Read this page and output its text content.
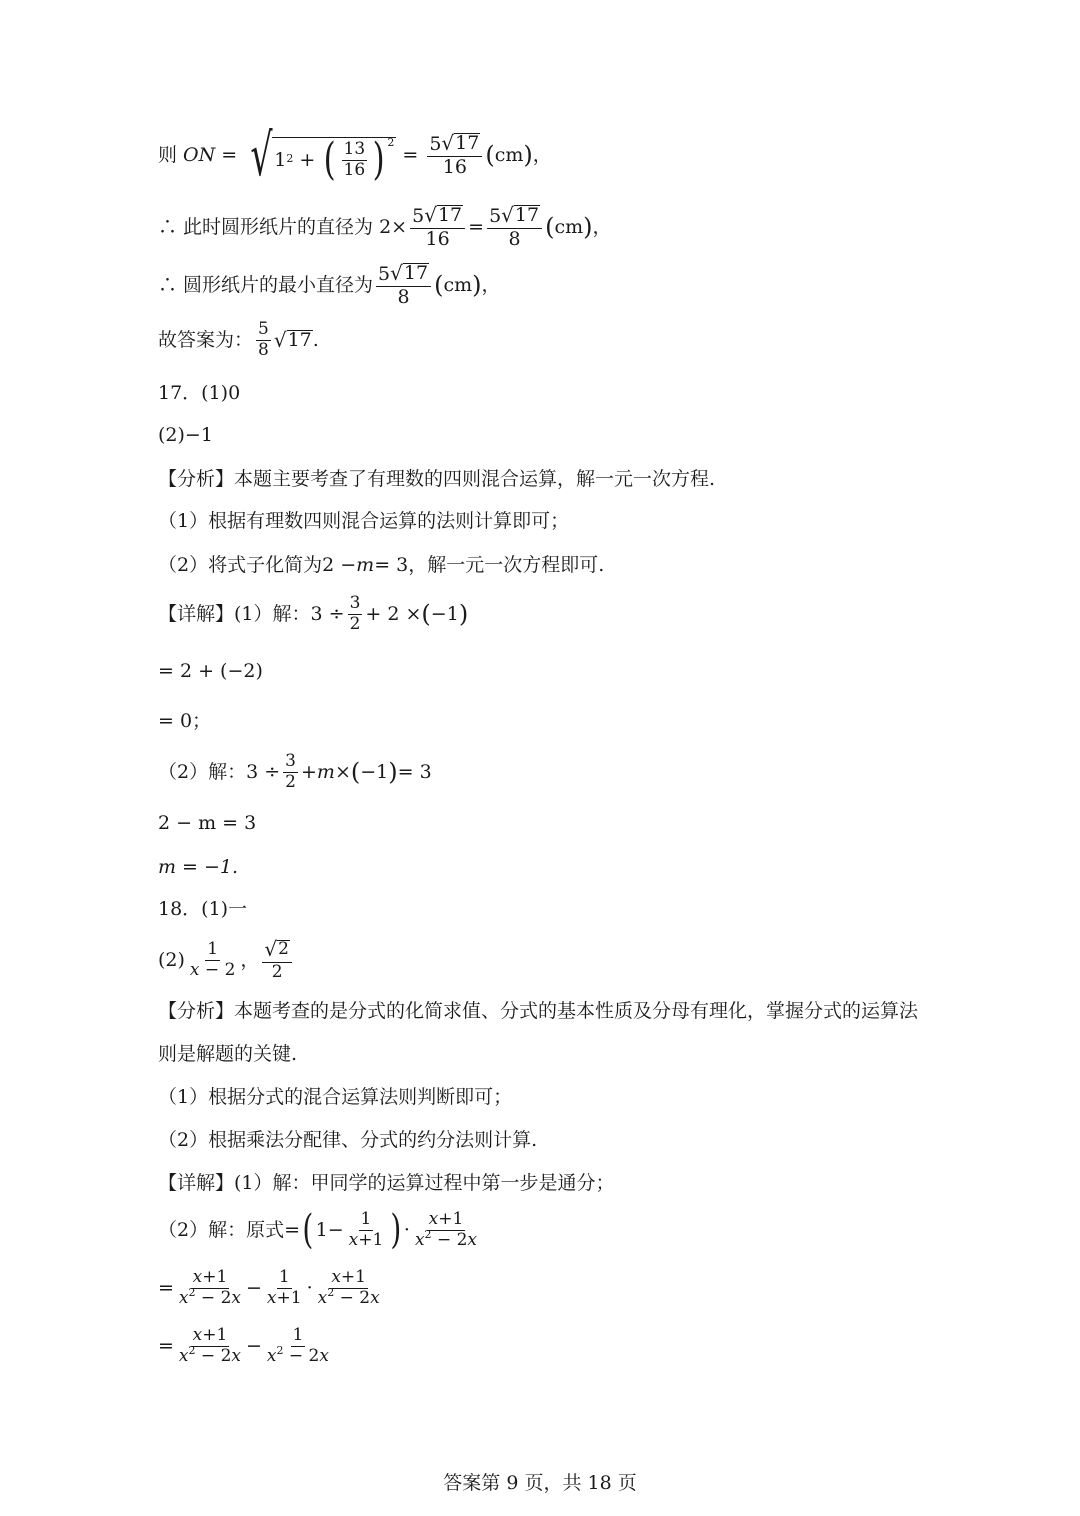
则 ON = √ $1^2$ + ( 13
16 )$^2$
= 5 √ 17
16 ( cm ) ，
∴ 此时圆形纸片的直径为 2× 5 √ 17
16
= 5 √ 17
8 ( cm ) ，
∴ 圆形纸片的最小直径为 5 √ 17
8 ( cm ) ，
故答案为： 5
8 √ 17 .
17．(1)0
(2)−1
【分析】本题主要考查了有理数的四则混合运算，解一元一次方程.
（1）根据有理数四则混合运算的法则计算即可；
（2）将式子化简为 2 − m = 3 ，解一元一次方程即可.
【详解】(1）解： 3 ÷ 3
2 + 2 × ( −1 )
= 2 + (−2)
= 0；
（2）解： 3 ÷ 3
2 + m × ( −1 ) = 3
2 − m = 3
m = −1.
18．(1)一
(2) 1
x − 2 ， √ 2
2
【分析】本题考查的是分式的化简求值、分式的基本性质及分母有理化，掌握分式的运算法
则是解题的关键.
（1）根据分式的混合运算法则判断即可；
（2）根据乘法分配律、分式的约分法则计算.
【详解】(1）解：甲同学的运算过程中第一步是通分；
（2）解：原式= ( 1− 1
x+1 ) · x+1
$x^2 - 2x$
= x+1
$x^2 - 2x - 1$
x+1 · x+1
$x^2 - 2x$
= x+1
$x^2 - 2x - 1$
$x^2 - 2x$
答案第 9 页，共 18 页
